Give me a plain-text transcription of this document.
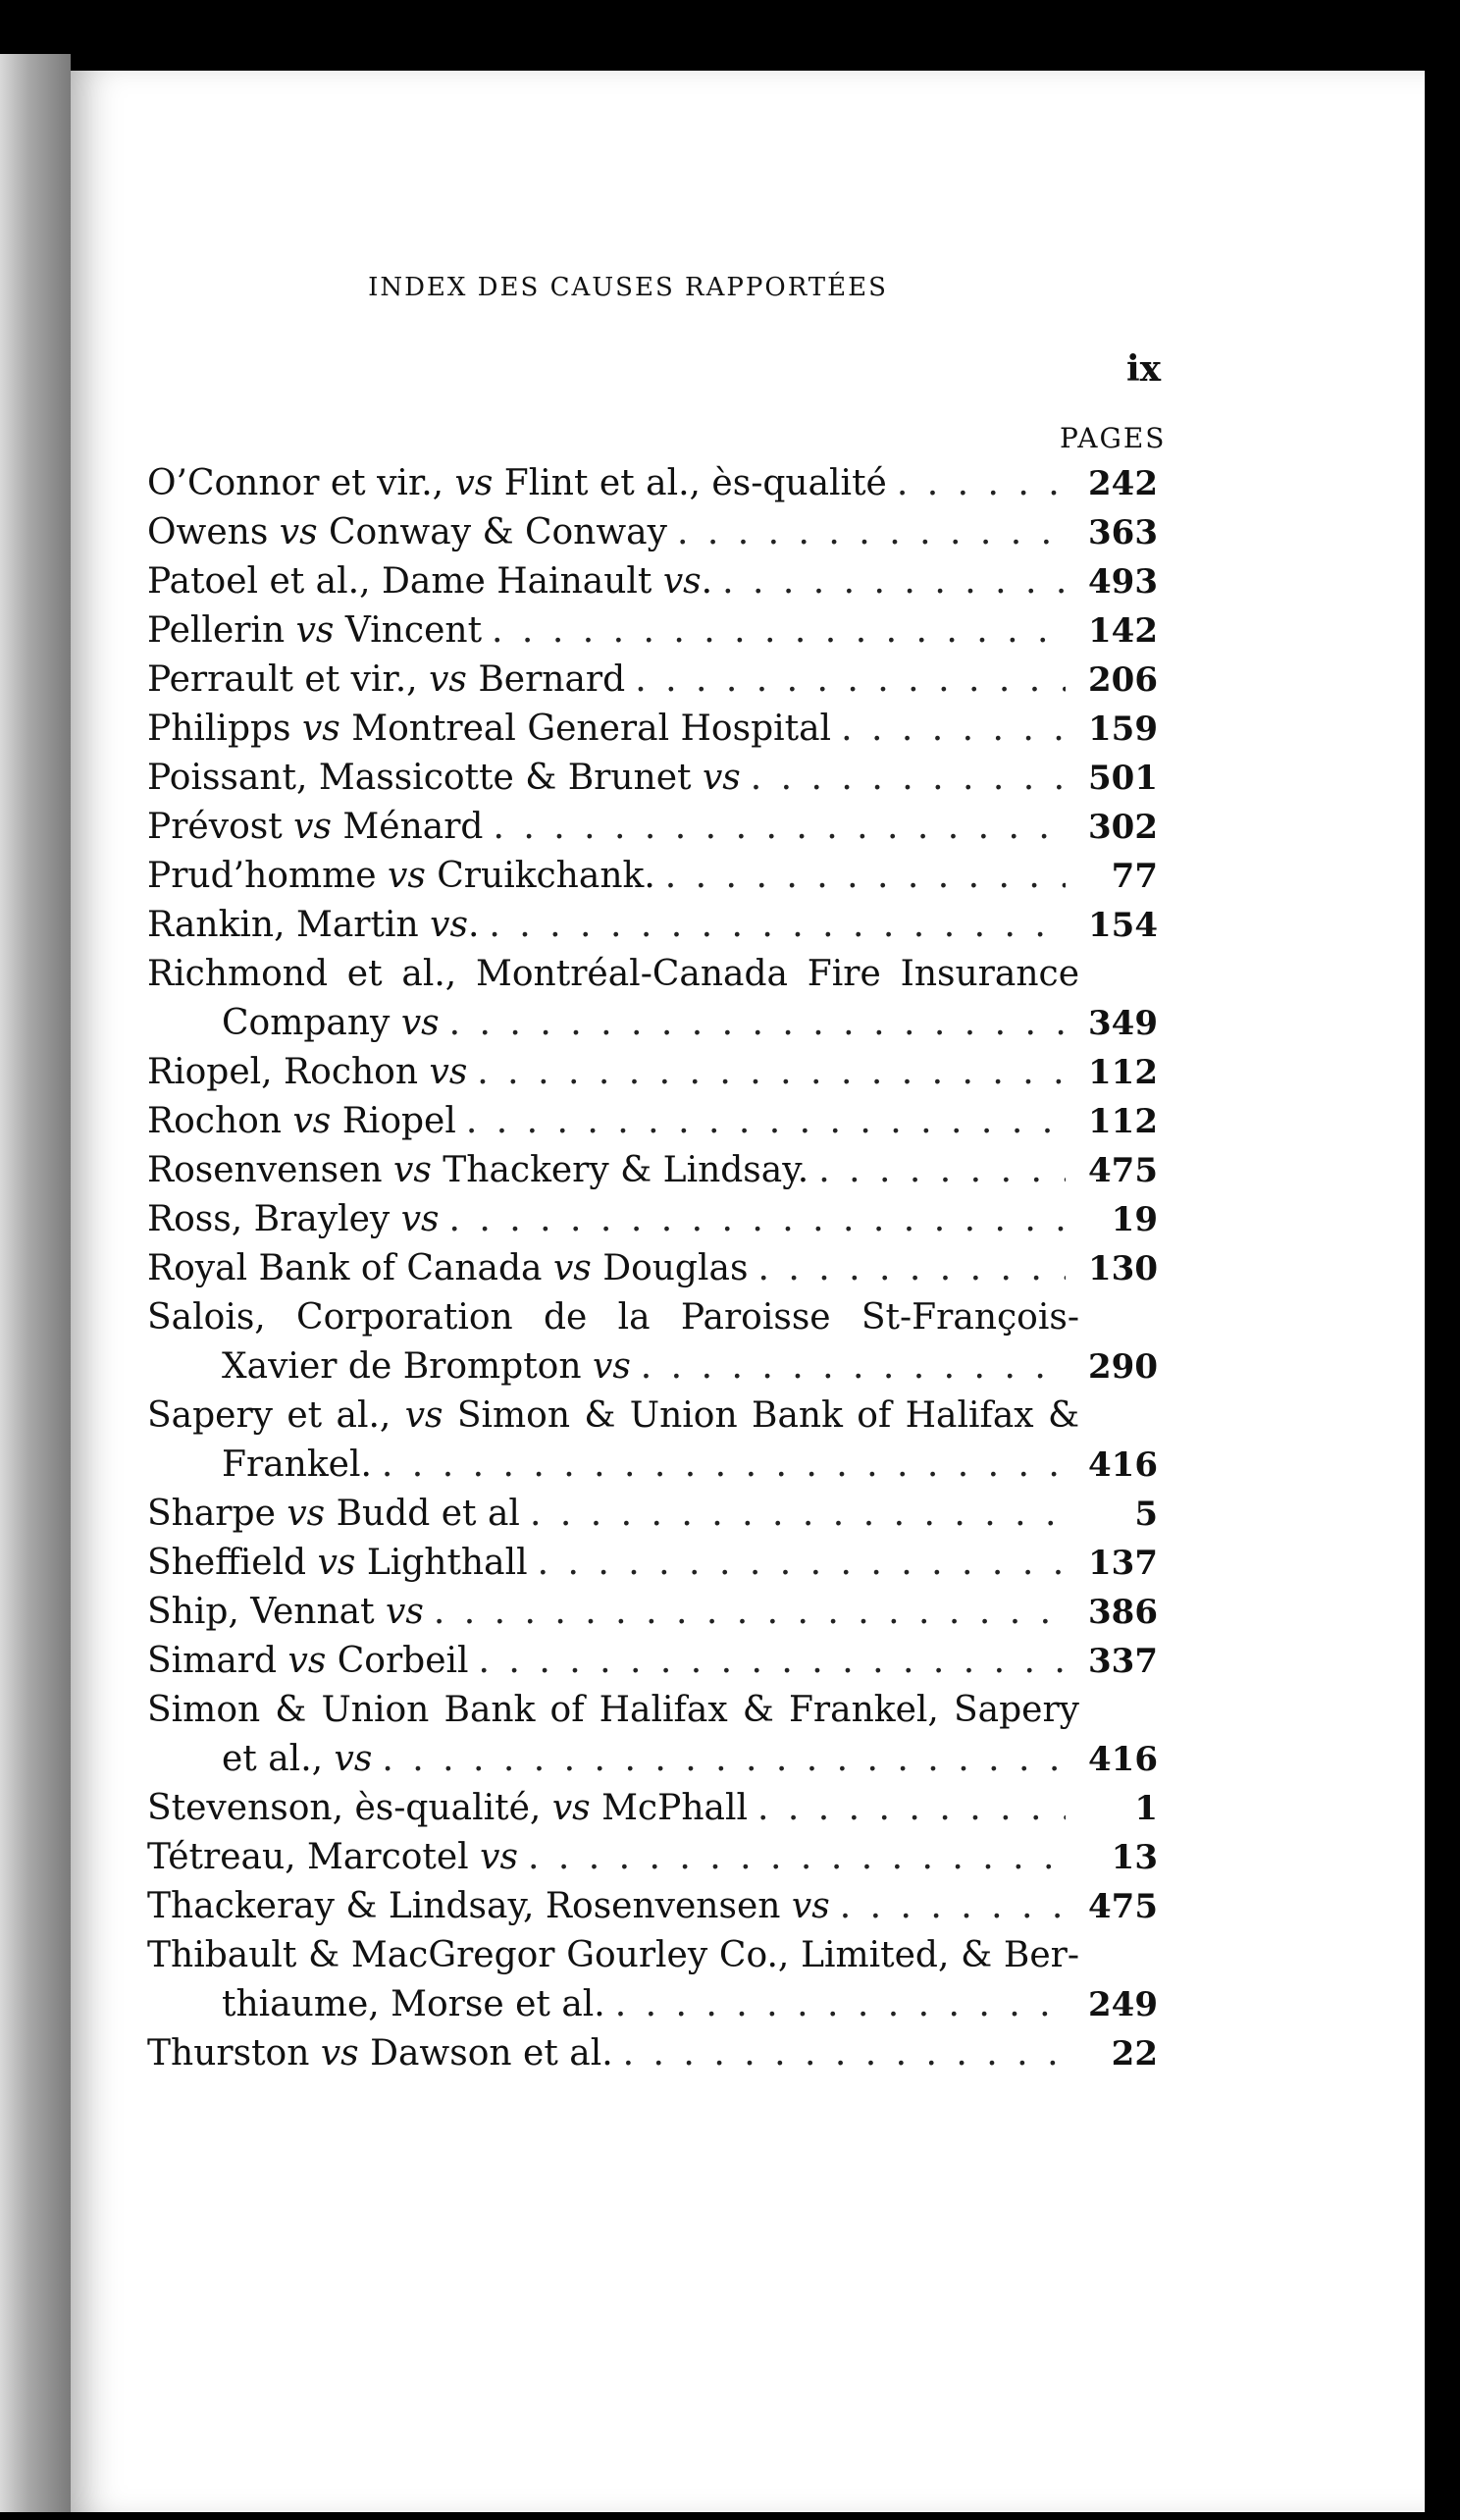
INDEX DES CAUSES RAPPORTÉES
ix
PAGES
O’Connor et vir., vs Flint et al., ès-qualité . . .	242
Owens vs Conway & Conway . . .	363
Patoel et al., Dame Hainault vs. . . .	493
Pellerin vs Vincent . . .	142
Perrault et vir., vs Bernard . . .	206
Philipps vs Montreal General Hospital . . .	159
Poissant, Massicotte & Brunet vs . . .	501
Prévost vs Ménard . . .	302
Prud’homme vs Cruikchank. . . .	77
Rankin, Martin vs. . . .	154
Richmond et al., Montréal-Canada Fire Insurance
Company vs . . .	349
Riopel, Rochon vs . . .	112
Rochon vs Riopel . . .	112
Rosenvensen vs Thackery & Lindsay. . . .	475
Ross, Brayley vs . . .	19
Royal Bank of Canada vs Douglas . . .	130
Salois, Corporation de la Paroisse St-François-
Xavier de Brompton vs . . .	290
Sapery et al., vs Simon & Union Bank of Halifax &
Frankel. . . .	416
Sharpe vs Budd et al . . .	5
Sheffield vs Lighthall . . .	137
Ship, Vennat vs . . .	386
Simard vs Corbeil . . .	337
Simon & Union Bank of Halifax & Frankel, Sapery
et al., vs . . .	416
Stevenson, ès-qualité, vs McPhall . . .	1
Tétreau, Marcotel vs . . .	13
Thackeray & Lindsay, Rosenvensen vs . . .	475
Thibault & MacGregor Gourley Co., Limited, & Ber-
thiaume, Morse et al. . . .	249
Thurston vs Dawson et al. . . .	22
